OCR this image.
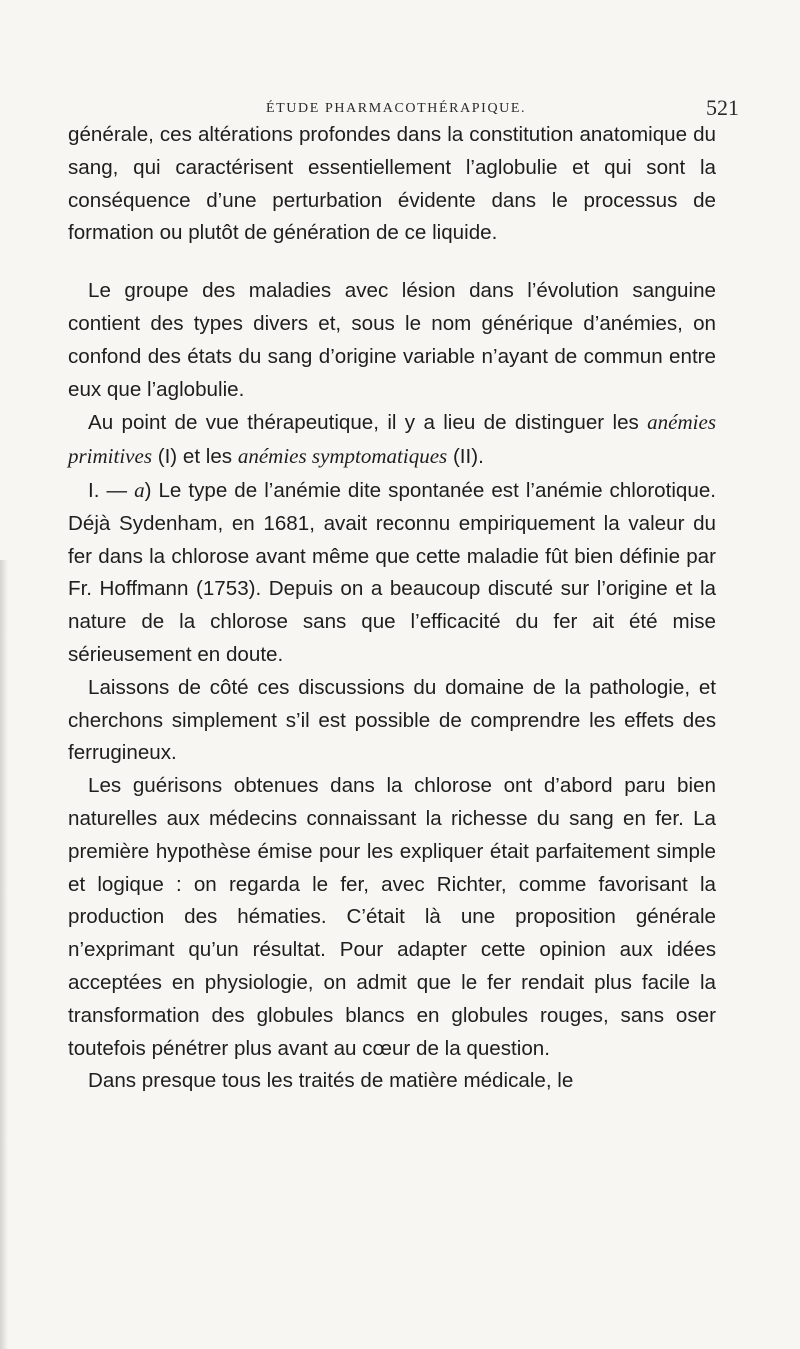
ÉTUDE PHARMACOTHÉRAPIQUE.	521

générale, ces altérations profondes dans la constitution anatomique du sang, qui caractérisent essentiellement l’aglobulie et qui sont la conséquence d’une perturbation évidente dans le processus de formation ou plutôt de génération de ce liquide.

Le groupe des maladies avec lésion dans l’évolution sanguine contient des types divers et, sous le nom générique d’anémies, on confond des états du sang d’origine variable n’ayant de commun entre eux que l’aglobulie.

Au point de vue thérapeutique, il y a lieu de distinguer les anémies primitives (I) et les anémies symptomatiques (II).

I. — a) Le type de l’anémie dite spontanée est l’anémie chlorotique. Déjà Sydenham, en 1681, avait reconnu empiriquement la valeur du fer dans la chlorose avant même que cette maladie fût bien définie par Fr. Hoffmann (1753). Depuis on a beaucoup discuté sur l’origine et la nature de la chlorose sans que l’efficacité du fer ait été mise sérieusement en doute.

Laissons de côté ces discussions du domaine de la pathologie, et cherchons simplement s’il est possible de comprendre les effets des ferrugineux.

Les guérisons obtenues dans la chlorose ont d’abord paru bien naturelles aux médecins connaissant la richesse du sang en fer. La première hypothèse émise pour les expliquer était parfaitement simple et logique : on regarda le fer, avec Richter, comme favorisant la production des hématies. C’était là une proposition générale n’exprimant qu’un résultat. Pour adapter cette opinion aux idées acceptées en physiologie, on admit que le fer rendait plus facile la transformation des globules blancs en globules rouges, sans oser toutefois pénétrer plus avant au cœur de la question.

Dans presque tous les traités de matière médicale, le
